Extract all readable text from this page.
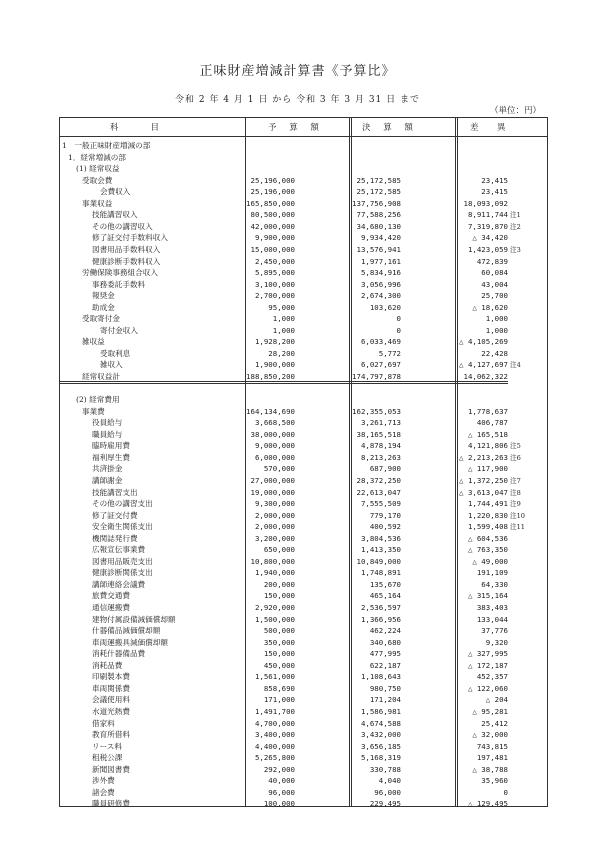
正味財産増減計算書《予算比》
令和 2 年 4 月 1 日 から 令和 3 年 3 月 31 日 まで
（単位：円）
科　　目	予 算 額	決 算 額	差　異
1　一般正味財産増減の部
1．経常増減の部
(1) 経常収益
受取会費	25,196,000	25,172,585	23,415
会費収入	25,196,000	25,172,585	23,415
事業収益	165,850,000	137,756,908	18,093,092
技能講習収入	80,500,000	77,588,256	8,911,744 注1
その他の講習収入	42,000,000	34,680,130	7,319,870 注2
修了証交付手数料収入	9,900,000	9,934,420	△ 34,420
図書用品手数料収入	15,000,000	13,576,941	1,423,059 注3
健康診断手数料収入	2,450,000	1,977,161	472,839
労働保険事務組合収入	5,895,000	5,834,916	60,084
事務委託手数料	3,100,000	3,056,996	43,004
報奨金	2,700,000	2,674,300	25,700
助成金	95,000	103,620	△ 18,620
受取寄付金	1,000	0	1,000
寄付金収入	1,000	0	1,000
雑収益	1,928,200	6,033,469	△ 4,105,269
受取利息	28,200	5,772	22,428
雑収入	1,900,000	6,027,697	△ 4,127,697 注4
経常収益計	188,850,200	174,797,878	14,062,322
(2) 経常費用
事業費	164,134,690	162,355,053	1,778,637
役員給与	3,668,500	3,261,713	406,787
職員給与	38,000,000	38,165,518	△ 165,518
臨時雇用費	9,000,000	4,878,194	4,121,806 注5
福利厚生費	6,000,000	8,213,263	△ 2,213,263 注6
共済掛金	570,000	687,900	△ 117,900
講師謝金	27,000,000	28,372,250	△ 1,372,250 注7
技能講習支出	19,000,000	22,613,047	△ 3,613,047 注8
その他の講習支出	9,300,000	7,555,509	1,744,491 注9
修了証交付費	2,000,000	779,170	1,220,830 注10
安全衛生関係支出	2,000,000	400,592	1,599,408 注11
機関誌発行費	3,200,000	3,804,536	△ 604,536
広報宣伝事業費	650,000	1,413,350	△ 763,350
図書用品販売支出	10,800,000	10,849,000	△ 49,000
健康診断関係支出	1,940,000	1,748,891	191,109
講師連絡会議費	200,000	135,670	64,330
旅費交通費	150,000	465,164	△ 315,164
通信運搬費	2,920,000	2,536,597	383,403
建物付属設備減価償却額	1,500,000	1,366,956	133,044
什器備品減価償却額	500,000	462,224	37,776
車両運搬具減価償却額	350,000	340,680	9,320
消耗什器備品費	150,000	477,995	△ 327,995
消耗品費	450,000	622,187	△ 172,187
印刷製本費	1,561,000	1,108,643	452,357
車両関係費	858,690	980,750	△ 122,060
会議使用料	171,000	171,204	△ 204
水道光熱費	1,491,700	1,586,981	△ 95,281
借家料	4,700,000	4,674,588	25,412
教育所借料	3,400,000	3,432,000	△ 32,000
リース料	4,400,000	3,656,185	743,815
租税公課	5,265,800	5,168,319	197,481
新聞図書費	292,000	330,788	△ 38,788
渉外費	40,000	4,040	35,960
諸会費	96,000	96,000	0
職員研修費	100,000	229,495	△ 129,495
